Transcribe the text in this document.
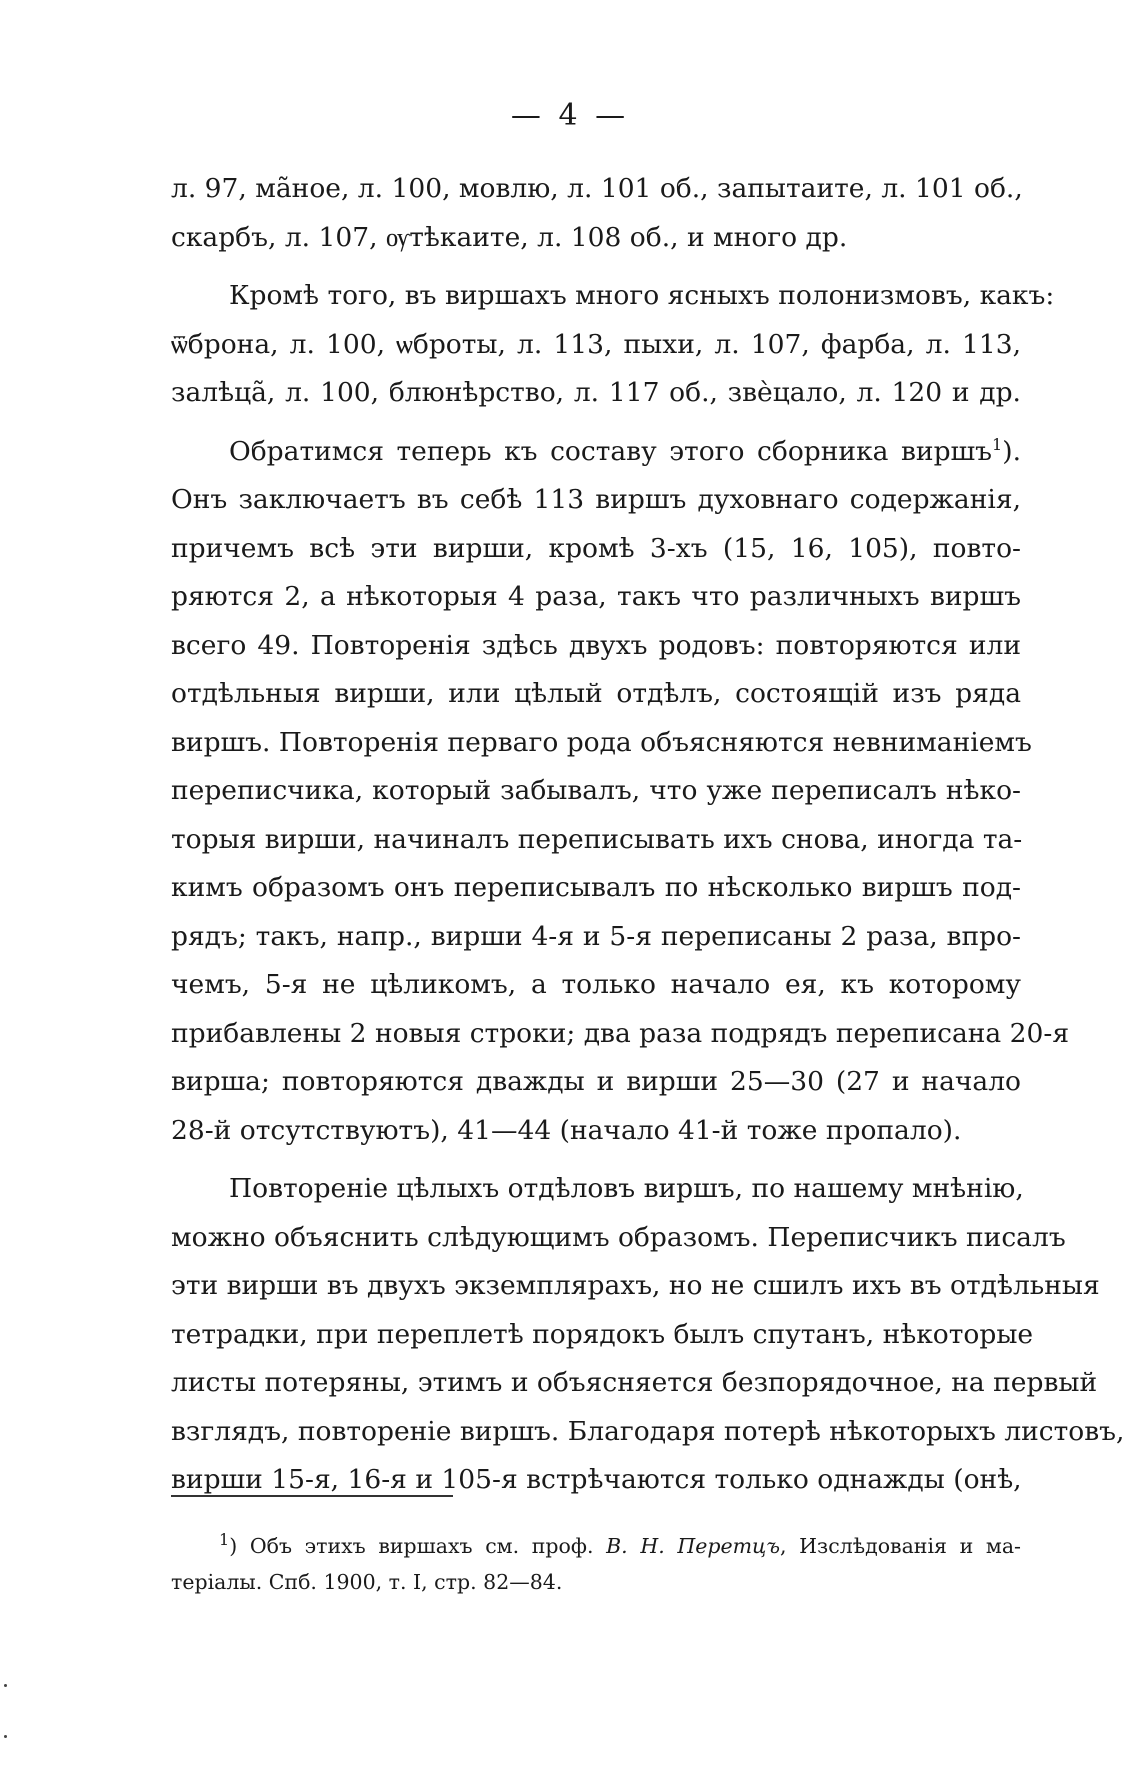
— 4 —
л. 97, ма̃ное, л. 100, мовлю, л. 101 об., запытаите, л. 101 об.,
скарбъ, л. 107, ѹтѣкаите, л. 108 об., и много др.
Кромѣ того, въ виршахъ много ясныхъ полонизмовъ, какъ:
ѿброна, л. 100, ѡброты, л. 113, пыхи, л. 107, фарба, л. 113,
залѣца̃, л. 100, блюнѣрство, л. 117 об., звѐцало, л. 120 и др.
Обратимся теперь къ составу этого сборника виршъ$^1$).
Онъ заключаетъ въ себѣ 113 виршъ духовнаго содержанія,
причемъ всѣ эти вирши, кромѣ 3-хъ (15, 16, 105), повто-
ряются 2, а нѣкоторыя 4 раза, такъ что различныхъ виршъ
всего 49. Повторенія здѣсь двухъ родовъ: повторяются или
отдѣльныя вирши, или цѣлый отдѣлъ, состоящій изъ ряда
виршъ. Повторенія перваго рода объясняются невниманіемъ
переписчика, который забывалъ, что уже переписалъ нѣко-
торыя вирши, начиналъ переписывать ихъ снова, иногда та-
кимъ образомъ онъ переписывалъ по нѣсколько виршъ под-
рядъ; такъ, напр., вирши 4-я и 5-я переписаны 2 раза, впро-
чемъ, 5-я не цѣликомъ, а только начало ея, къ которому
прибавлены 2 новыя строки; два раза подрядъ переписана 20-я
вирша; повторяются дважды и вирши 25—30 (27 и начало
28-й отсутствуютъ), 41—44 (начало 41-й тоже пропало).
Повтореніе цѣлыхъ отдѣловъ виршъ, по нашему мнѣнію,
можно объяснить слѣдующимъ образомъ. Переписчикъ писалъ
эти вирши въ двухъ экземплярахъ, но не сшилъ ихъ въ отдѣльныя
тетрадки, при переплетѣ порядокъ былъ спутанъ, нѣкоторые
листы потеряны, этимъ и объясняется безпорядочное, на первый
взглядъ, повтореніе виршъ. Благодаря потерѣ нѣкоторыхъ листовъ,
вирши 15-я, 16-я и 105-я встрѣчаются только однажды (онѣ,
$^1$) Объ этихъ виршахъ см. проф. В. Н. Перетцъ, Изслѣдованія и ма-
теріалы. Спб. 1900, т. I, стр. 82—84.
